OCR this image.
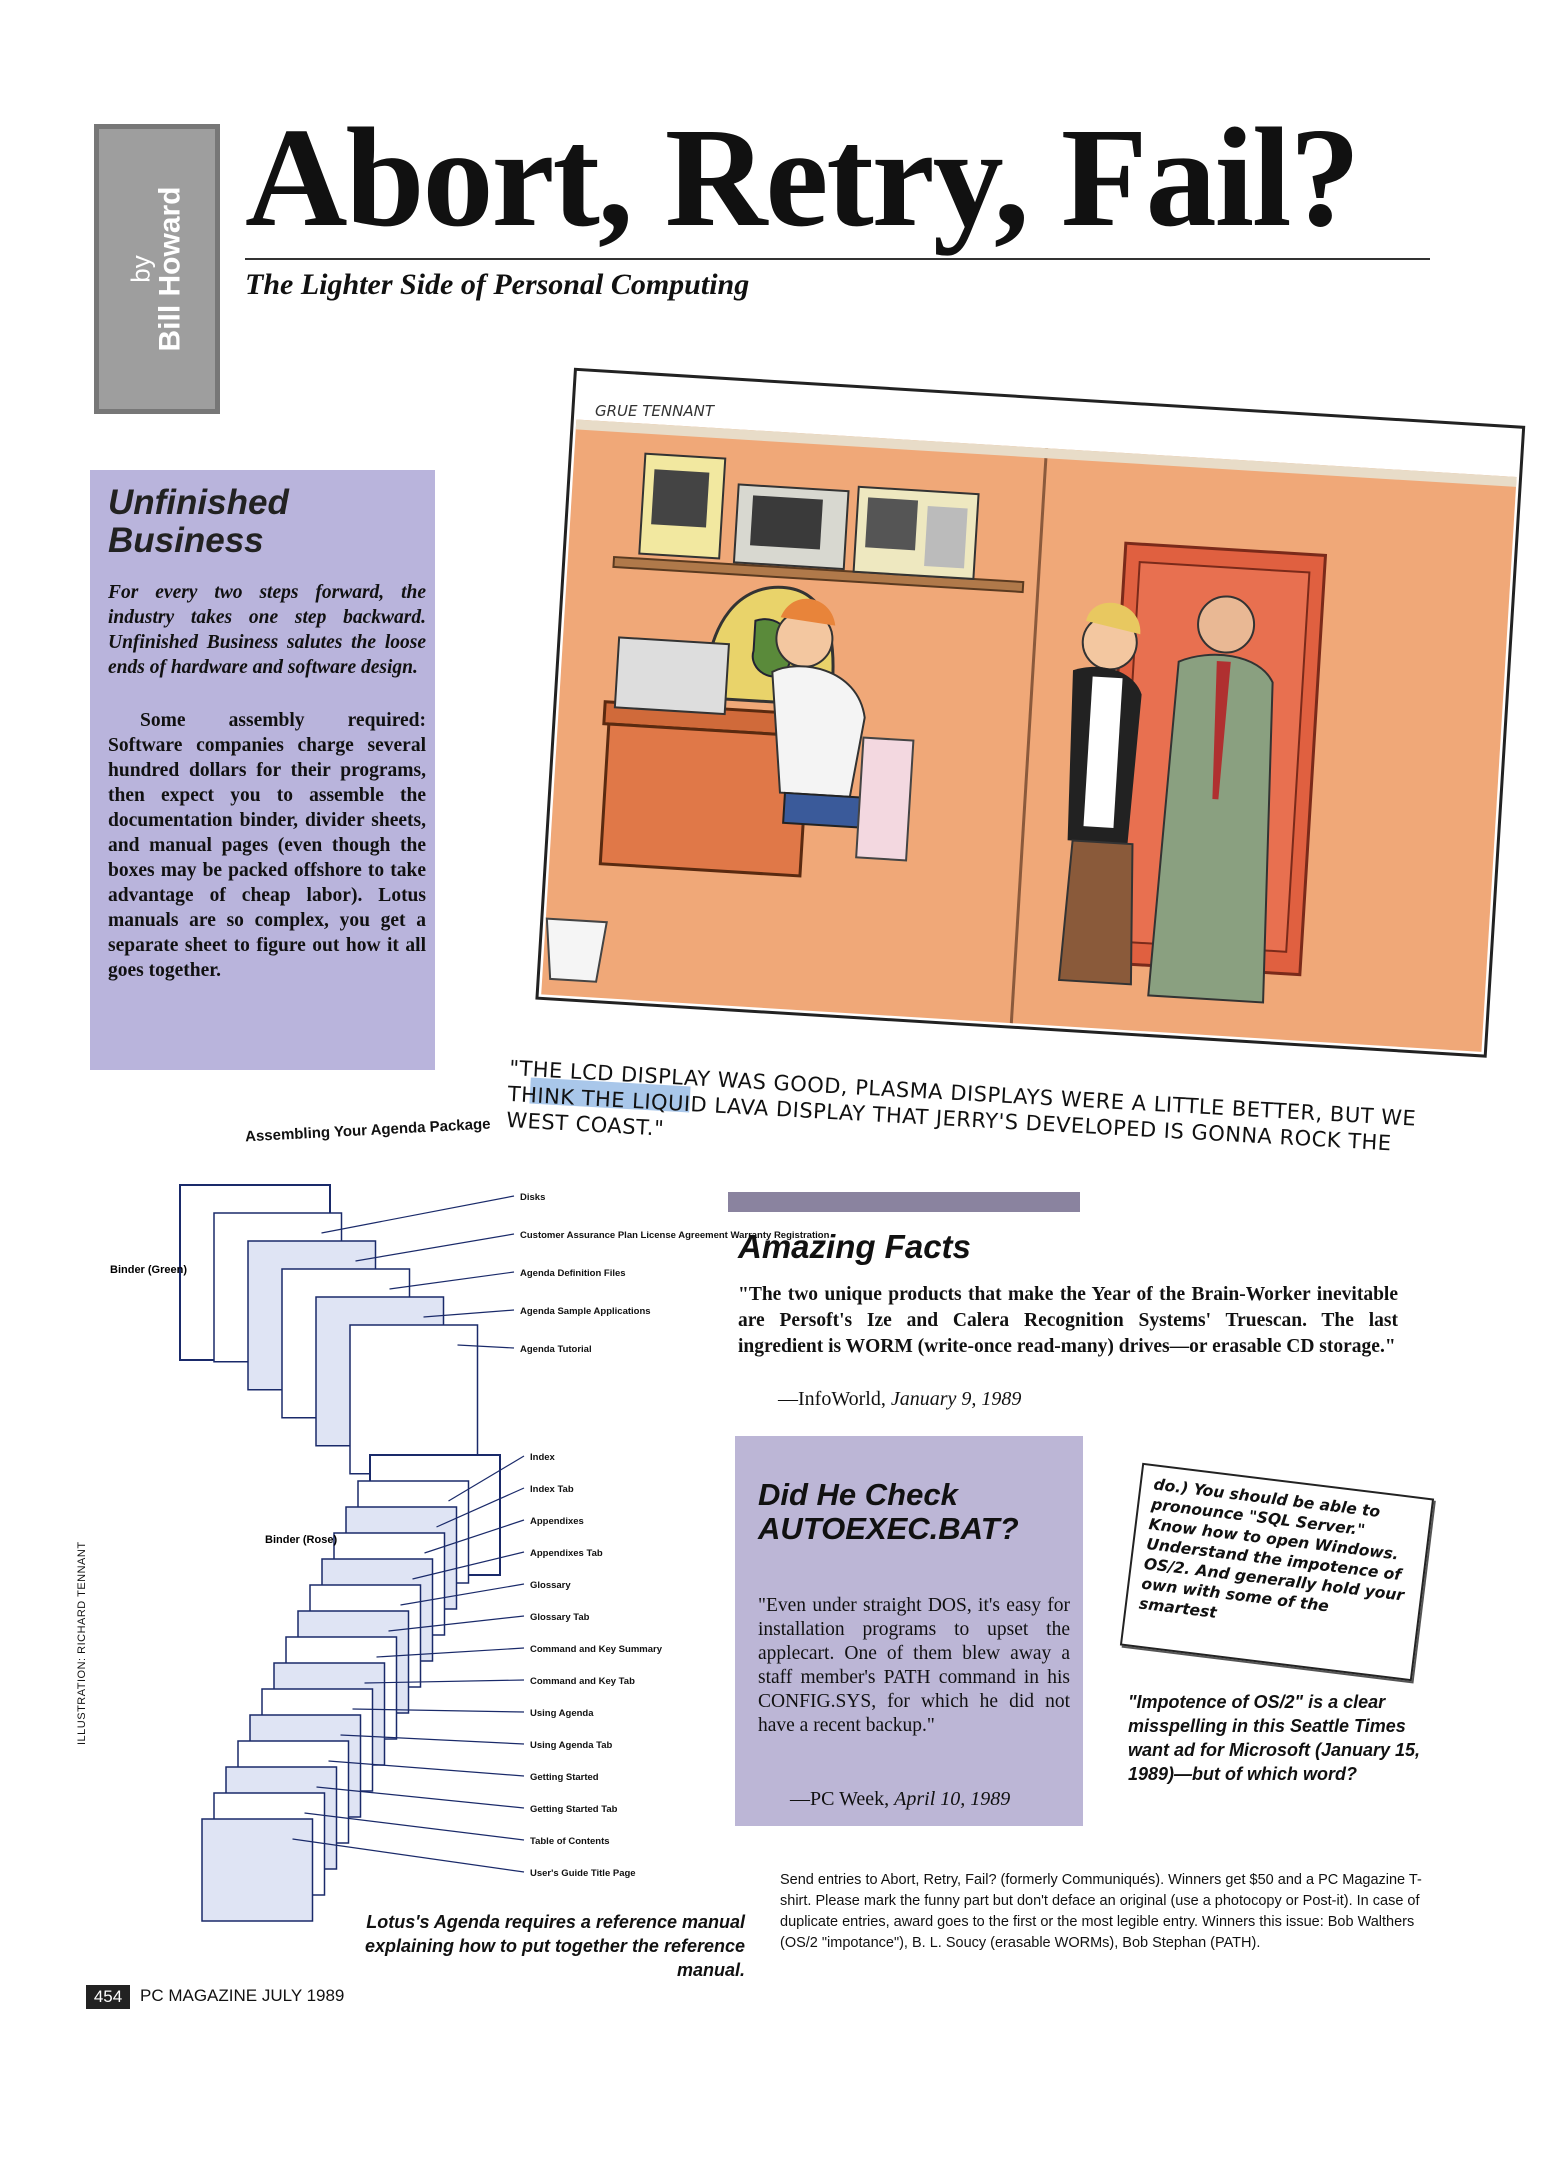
by
Bill Howard
Abort, Retry, Fail?
The Lighter Side of Personal Computing
Unfinished Business
For every two steps forward, the industry takes one step backward. Unfinished Business salutes the loose ends of hardware and software design.
Some assembly required: Software companies charge several hundred dollars for their programs, then expect you to assemble the documentation binder, divider sheets, and manual pages (even though the boxes may be packed offshore to take advantage of cheap labor). Lotus manuals are so complex, you get a separate sheet to figure out how it all goes together.
GRUE TENNANT
"THE LCD DISPLAY WAS GOOD, PLASMA DISPLAYS WERE A LITTLE BETTER, BUT WE THINK THE LIQUID LAVA DISPLAY THAT JERRY'S DEVELOPED IS GONNA ROCK THE WEST COAST."
Assembling Your Agenda Package
Disks
Customer Assurance Plan License Agreement Warranty Registration
Agenda Definition Files
Agenda Sample Applications
Agenda Tutorial
Index
Index Tab
Appendixes
Appendixes Tab
Glossary
Glossary Tab
Command and Key Summary
Command and Key Tab
Using Agenda
Using Agenda Tab
Getting Started
Getting Started Tab
Table of Contents
User's Guide Title Page
Binder (Green)
Binder (Rose)
ILLUSTRATION: RICHARD TENNANT
Lotus's Agenda requires a reference manual explaining how to put together the reference manual.
Amazing Facts
"The two unique products that make the Year of the Brain-Worker inevitable are Persoft's Ize and Calera Recognition Systems' Truescan. The last ingredient is WORM (write-once read-many) drives—or erasable CD storage."
—InfoWorld, January 9, 1989
Did He Check AUTOEXEC.BAT?
"Even under straight DOS, it's easy for installation programs to upset the applecart. One of them blew away a staff member's PATH command in his CONFIG.SYS, for which he did not have a recent backup."
—PC Week, April 10, 1989
do.) You should be able to pronounce "SQL Server." Know how to open Windows. Understand the impotence of OS/2. And generally hold your own with some of the smartest
"Impotence of OS/2" is a clear misspelling in this Seattle Times want ad for Microsoft (January 15, 1989)—but of which word?
Send entries to Abort, Retry, Fail? (formerly Communiqués). Winners get $50 and a PC Magazine T-shirt. Please mark the funny part but don't deface an original (use a photocopy or Post-it). In case of duplicate entries, award goes to the first or the most legible entry. Winners this issue: Bob Walthers (OS/2 "impotance"), B. L. Soucy (erasable WORMs), Bob Stephan (PATH).
454	PC MAGAZINE JULY 1989
